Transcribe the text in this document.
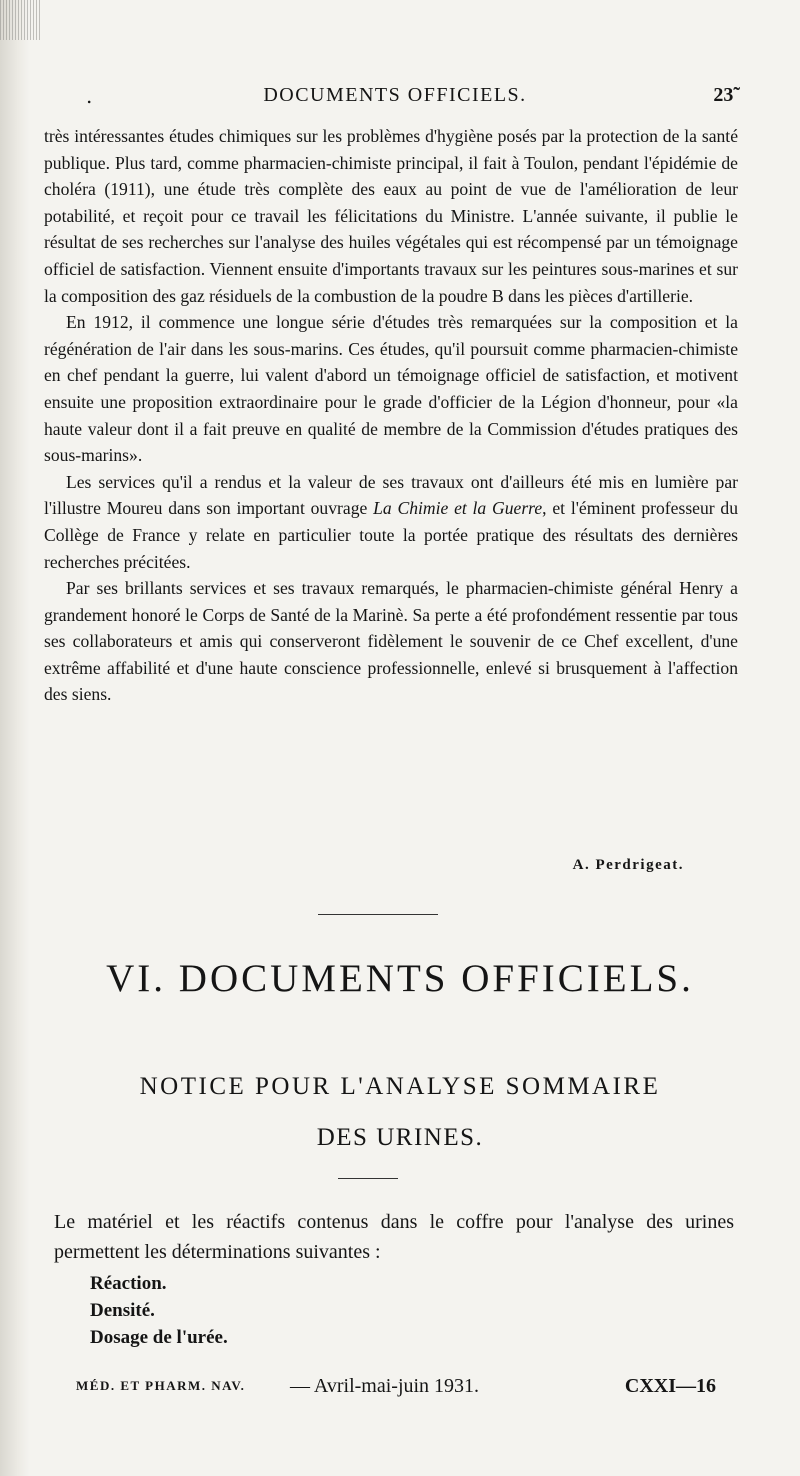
.	DOCUMENTS OFFICIELS.	23˜

très intéressantes études chimiques sur les problèmes d'hygiène posés par la protection de la santé publique. Plus tard, comme pharmacien-chimiste principal, il fait à Toulon, pendant l'épidémie de choléra (1911), une étude très complète des eaux au point de vue de l'amélioration de leur potabilité, et reçoit pour ce travail les félicitations du Ministre. L'année suivante, il publie le résultat de ses recherches sur l'analyse des huiles végétales qui est récompensé par un témoignage officiel de satisfaction. Viennent ensuite d'importants travaux sur les peintures sous-marines et sur la composition des gaz résiduels de la combustion de la poudre B dans les pièces d'artillerie.

En 1912, il commence une longue série d'études très remarquées sur la composition et la régénération de l'air dans les sous-marins. Ces études, qu'il poursuit comme pharmacien-chimiste en chef pendant la guerre, lui valent d'abord un témoignage officiel de satisfaction, et motivent ensuite une proposition extraordinaire pour le grade d'officier de la Légion d'honneur, pour «la haute valeur dont il a fait preuve en qualité de membre de la Commission d'études pratiques des sous-marins».

Les services qu'il a rendus et la valeur de ses travaux ont d'ailleurs été mis en lumière par l'illustre Moureu dans son important ouvrage La Chimie et la Guerre, et l'éminent professeur du Collège de France y relate en particulier toute la portée pratique des résultats des dernières recherches précitées.

Par ses brillants services et ses travaux remarqués, le pharmacien-chimiste général Henry a grandement honoré le Corps de Santé de la Marinè. Sa perte a été profondément ressentie par tous ses collaborateurs et amis qui conserveront fidèlement le souvenir de ce Chef excellent, d'une extrême affabilité et d'une haute conscience professionnelle, enlevé si brusquement à l'affection des siens.

A. Perdrigeat.
VI. DOCUMENTS OFFICIELS.
NOTICE POUR L'ANALYSE SOMMAIRE
DES URINES.

Le matériel et les réactifs contenus dans le coffre pour l'analyse des urines permettent les déterminations suivantes :

Réaction.
Densité.
Dosage de l'urée.
MÉD. ET PHARM. NAV. — Avril-mai-juin 1931.	CXXI—16
